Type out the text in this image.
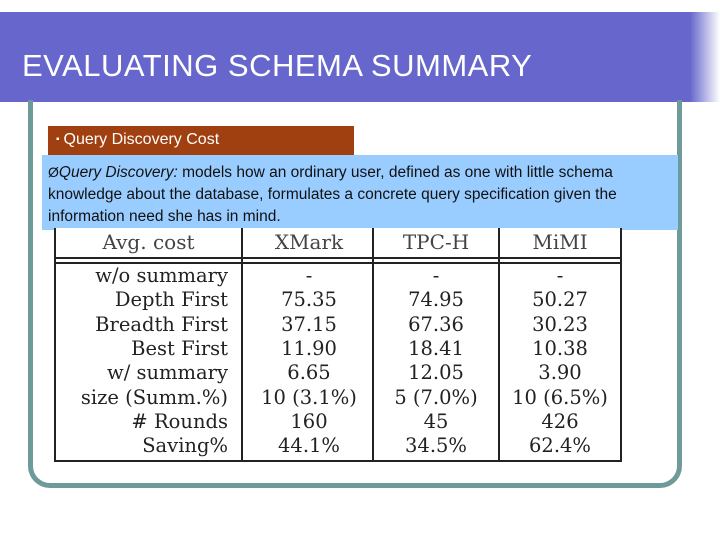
EVALUATING SCHEMA SUMMARY
▪ Query Discovery Cost
ØQuery Discovery: models how an ordinary user, defined as one with little schema knowledge about the database, formulates a concrete query specification given the information need she has in mind.
Avg. cost	XMark	TPC-H	MiMI
w/o summary	-	-	-
Depth First	75.35	74.95	50.27
Breadth First	37.15	67.36	30.23
Best First	11.90	18.41	10.38
w/ summary	6.65	12.05	3.90
size (Summ.%)	10 (3.1%)	5 (7.0%)	10 (6.5%)
# Rounds	160	45	426
Saving%	44.1%	34.5%	62.4%
